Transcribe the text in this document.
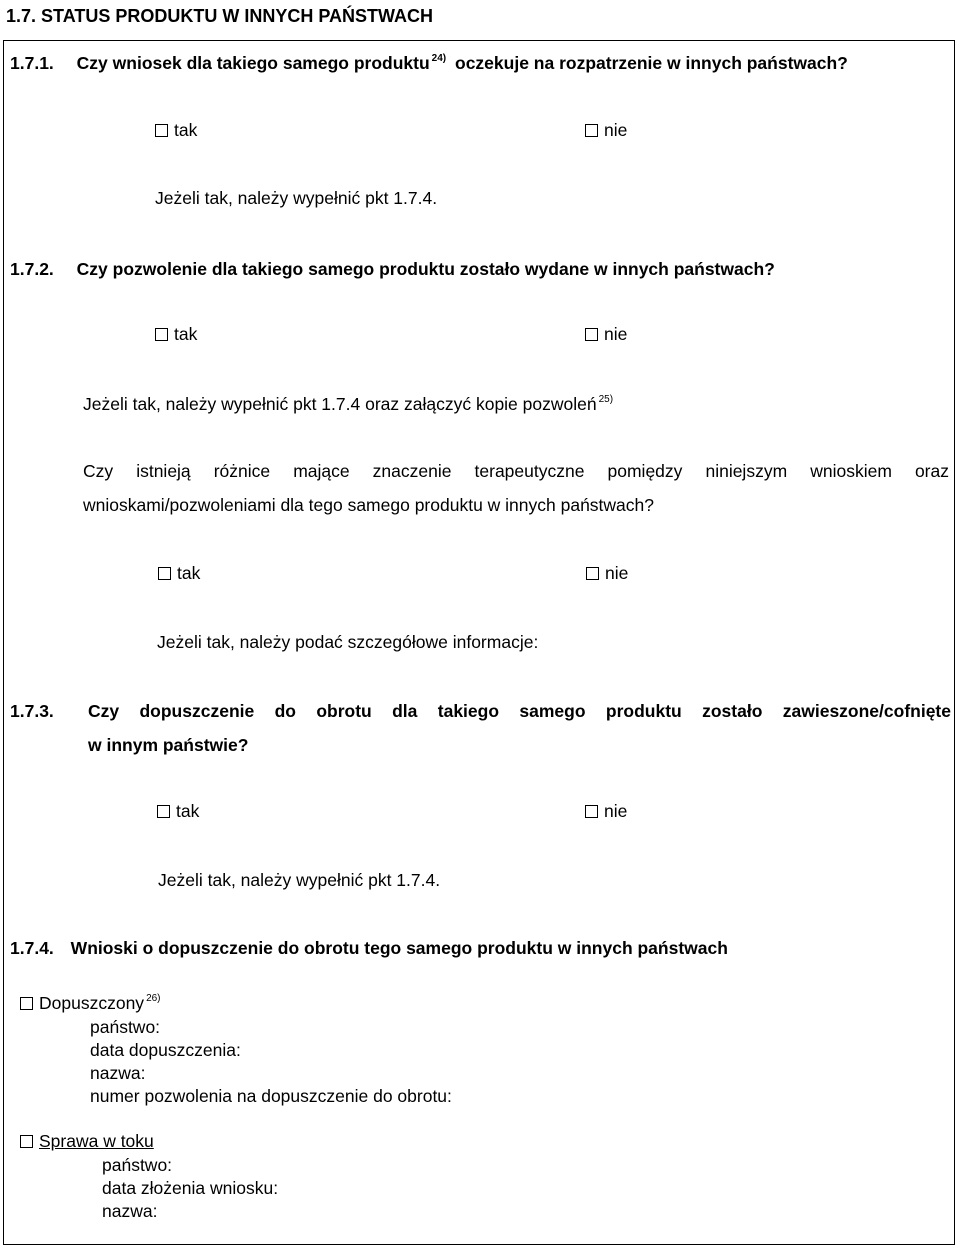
1.7. STATUS PRODUKTU W INNYCH PAŃSTWACH
1.7.1. Czy wniosek dla takiego samego produktu $^{24)}$ oczekuje na rozpatrzenie w innych państwach?
tak	nie
Jeżeli tak, należy wypełnić pkt 1.7.4.
1.7.2. Czy pozwolenie dla takiego samego produktu zostało wydane w innych państwach?
tak	nie
Jeżeli tak, należy wypełnić pkt 1.7.4 oraz załączyć kopie pozwoleń $^{25)}$
Czy istnieją różnice mające znaczenie terapeutyczne pomiędzy niniejszym wnioskiem oraz
wnioskami/pozwoleniami dla tego samego produktu w innych państwach?
tak	nie
Jeżeli tak, należy podać szczegółowe informacje:
1.7.3. Czy dopuszczenie do obrotu dla takiego samego produktu zostało zawieszone/cofnięte
w innym państwie?
tak	nie
Jeżeli tak, należy wypełnić pkt 1.7.4.
1.7.4. Wnioski o dopuszczenie do obrotu tego samego produktu w innych państwach
Dopuszczony $^{26)}$
państwo:
data dopuszczenia:
nazwa:
numer pozwolenia na dopuszczenie do obrotu:
Sprawa w toku
państwo:
data złożenia wniosku:
nazwa:
